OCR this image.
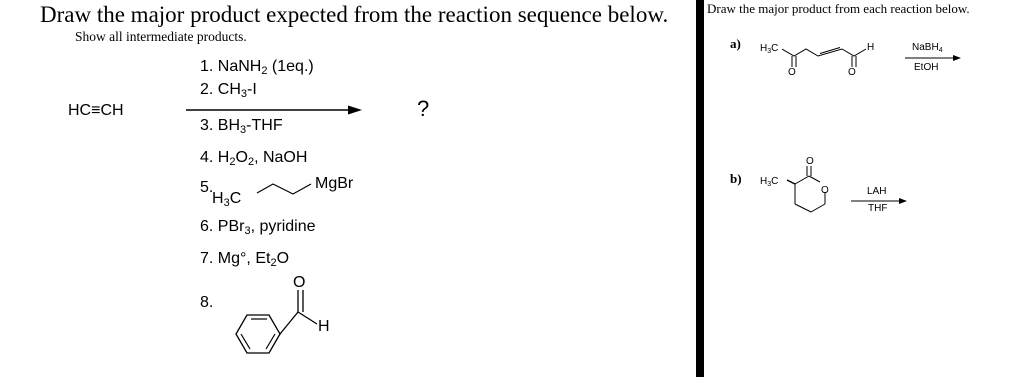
Draw the major product expected from the reaction sequence below.
Show all intermediate products.
HC≡CH	?
1. NaNH$_2$ (1eq.)
2. $CH_3-I$
3. $BH_3$-THF
4. $H_2O_2$, NaOH
5.
$H_3C$
MgBr
6. PBr$_3$, pyridine
7. Mg°, $Et_2O$
8.
O
H
Draw the major product from each reaction below.
a) $H_3C$
O	O
H	NaBH$_4$
EtOH
b) $H_3C$
O
O	LAH
THF
